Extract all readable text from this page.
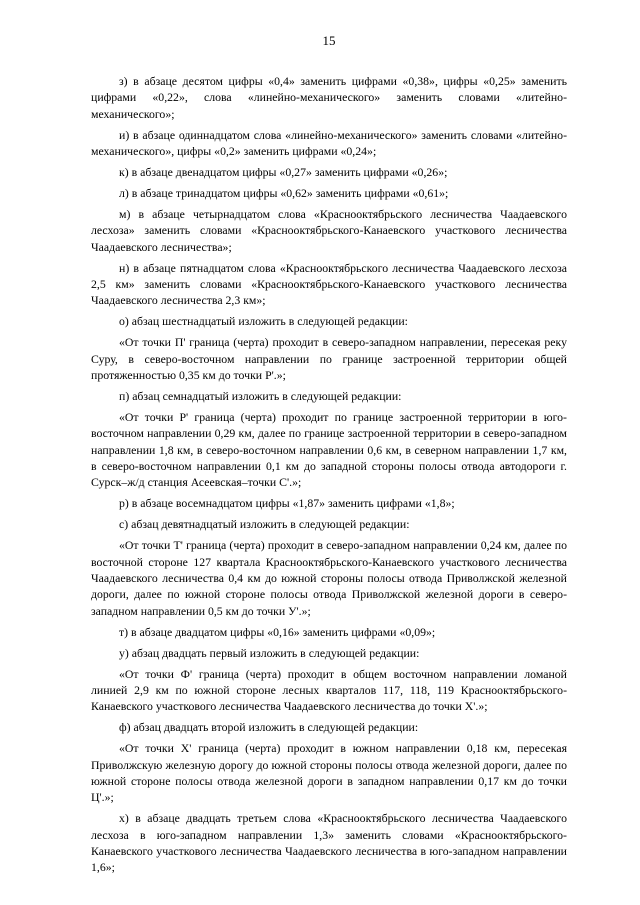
15

з) в абзаце десятом цифры «0,4» заменить цифрами «0,38», цифры «0,25» заменить цифрами «0,22», слова «линейно-механического» заменить словами «литейно-механического»;

и) в абзаце одиннадцатом слова «линейно-механического» заменить словами «литейно-механического», цифры «0,2» заменить цифрами «0,24»;

к) в абзаце двенадцатом цифры «0,27» заменить цифрами «0,26»;

л) в абзаце тринадцатом цифры «0,62» заменить цифрами «0,61»;

м) в абзаце четырнадцатом слова «Краснооктябрьского лесничества Чаадаевского лесхоза» заменить словами «Краснооктябрьского-Канаевского участкового лесничества Чаадаевского лесничества»;

н) в абзаце пятнадцатом слова «Краснооктябрьского лесничества Чаадаевского лесхоза 2,5 км» заменить словами «Краснооктябрьского-Канаевского участкового лесничества Чаадаевского лесничества 2,3 км»;

о) абзац шестнадцатый изложить в следующей редакции:

«От точки П' граница (черта) проходит в северо-западном направлении, пересекая реку Суру, в северо-восточном направлении по границе застроенной территории общей протяженностью 0,35 км до точки Р'.»;

п) абзац семнадцатый изложить в следующей редакции:

«От точки Р' граница (черта) проходит по границе застроенной территории в юго-восточном направлении 0,29 км, далее по границе застроенной территории в северо-западном направлении 1,8 км, в северо-восточном направлении 0,6 км, в северном направлении 1,7 км, в северо-восточном направлении 0,1 км до западной стороны полосы отвода автодороги г. Сурск–ж/д станция Асеевская–точки С'.»;

р) в абзаце восемнадцатом цифры «1,87» заменить цифрами «1,8»;

с) абзац девятнадцатый изложить в следующей редакции:

«От точки Т' граница (черта) проходит в северо-западном направлении 0,24 км, далее по восточной стороне 127 квартала Краснооктябрьского-Канаевского участкового лесничества Чаадаевского лесничества 0,4 км до южной стороны полосы отвода Приволжской железной дороги, далее по южной стороне полосы отвода Приволжской железной дороги в северо-западном направлении 0,5 км до точки У'.»;

т) в абзаце двадцатом цифры «0,16» заменить цифрами «0,09»;

у) абзац двадцать первый изложить в следующей редакции:

«От точки Ф' граница (черта) проходит в общем восточном направлении ломаной линией 2,9 км по южной стороне лесных кварталов 117, 118, 119 Краснооктябрьского-Канаевского участкового лесничества Чаадаевского лесничества до точки Х'.»;

ф) абзац двадцать второй изложить в следующей редакции:

«От точки Х' граница (черта) проходит в южном направлении 0,18 км, пересекая Приволжскую железную дорогу до южной стороны полосы отвода железной дороги, далее по южной стороне полосы отвода железной дороги в западном направлении 0,17 км до точки Ц'.»;

х) в абзаце двадцать третьем слова «Краснооктябрьского лесничества Чаадаевского лесхоза в юго-западном направлении 1,3» заменить словами «Краснооктябрьского-Канаевского участкового лесничества Чаадаевского лесничества в юго-западном направлении 1,6»;
